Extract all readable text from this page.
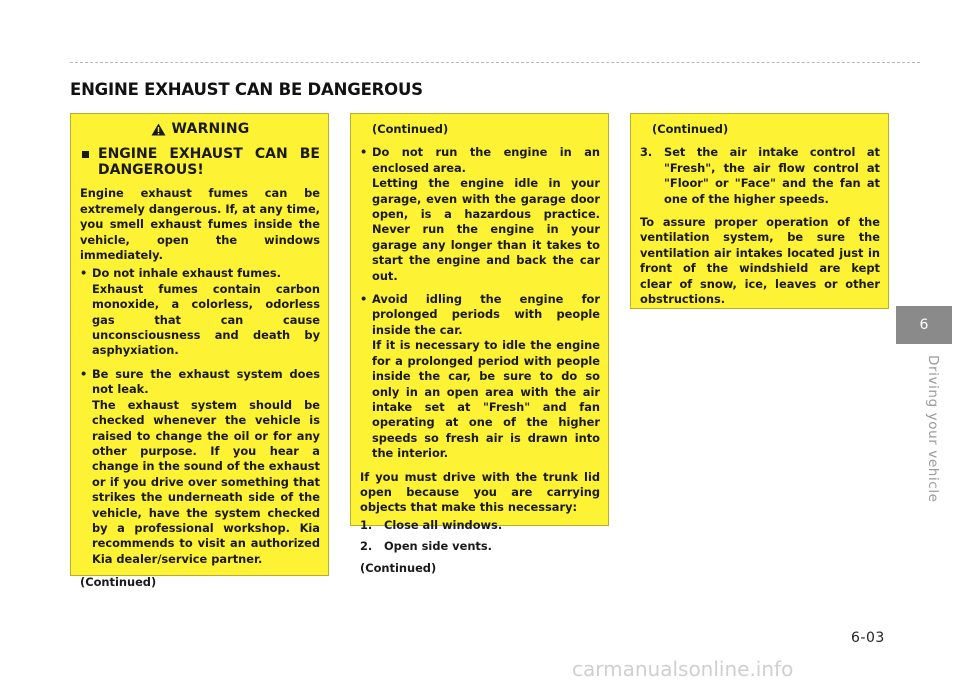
ENGINE EXHAUST CAN BE DANGEROUS
WARNING
ENGINE EXHAUST CAN BE
DANGEROUS!

Engine exhaust fumes can be extremely dangerous. If, at any time, you smell exhaust fumes inside the vehicle, open the windows immediately.

• Do not inhale exhaust fumes.
Exhaust fumes contain carbon monoxide, a colorless, odorless gas that can cause unconsciousness and death by asphyxiation.
• Be sure the exhaust system does not leak.
The exhaust system should be checked whenever the vehicle is raised to change the oil or for any other purpose. If you hear a change in the sound of the exhaust or if you drive over something that strikes the underneath side of the vehicle, have the system checked by a professional workshop. Kia recommends to visit an authorized Kia dealer/service partner.
(Continued)
(Continued)
• Do not run the engine in an enclosed area.
Letting the engine idle in your garage, even with the garage door open, is a hazardous practice. Never run the engine in your garage any longer than it takes to start the engine and back the car out.
• Avoid idling the engine for prolonged periods with people inside the car.
If it is necessary to idle the engine for a prolonged period with people inside the car, be sure to do so only in an open area with the air intake set at "Fresh" and fan operating at one of the higher speeds so fresh air is drawn into the interior.

If you must drive with the trunk lid open because you are carrying objects that make this necessary:

1.	Close all windows.
2.	Open side vents.
(Continued)
(Continued)
3.	Set the air intake control at "Fresh", the air flow control at "Floor" or "Face" and the fan at one of the higher speeds.

To assure proper operation of the ventilation system, be sure the ventilation air intakes located just in front of the windshield are kept clear of snow, ice, leaves or other obstructions.

6
Driving your vehicle
6-03
carmanualsonline.info
